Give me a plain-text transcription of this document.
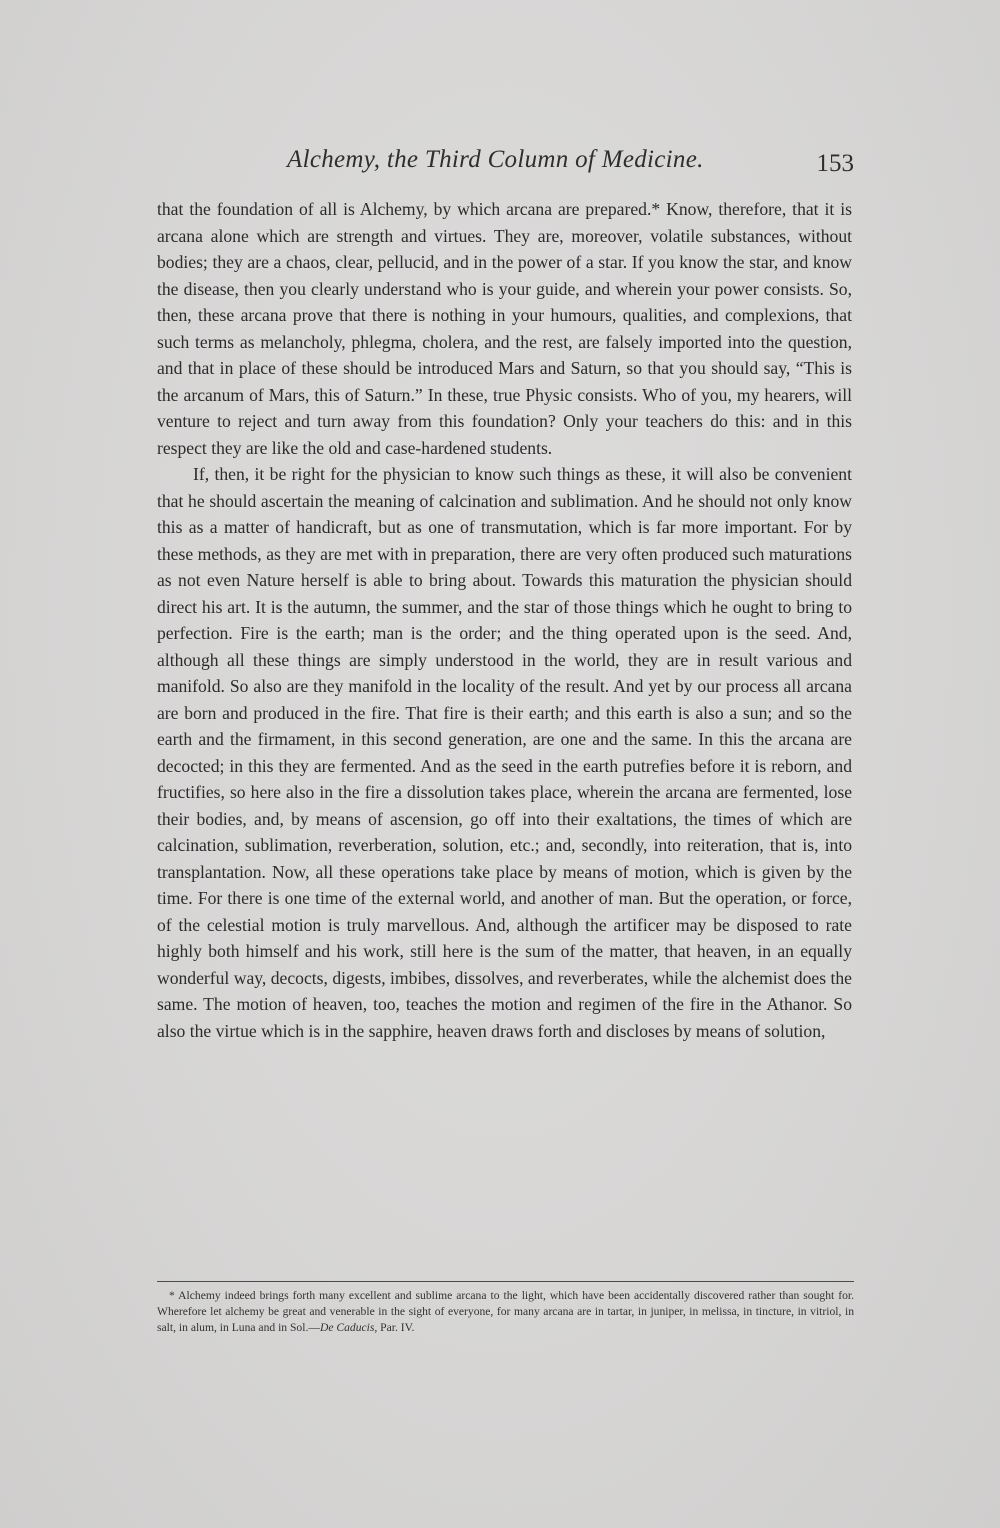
Alchemy, the Third Column of Medicine.	153

that the foundation of all is Alchemy, by which arcana are prepared.* Know, therefore, that it is arcana alone which are strength and virtues. They are, moreover, volatile substances, without bodies; they are a chaos, clear, pellucid, and in the power of a star. If you know the star, and know the disease, then you clearly understand who is your guide, and wherein your power consists. So, then, these arcana prove that there is nothing in your humours, qualities, and complexions, that such terms as melancholy, phlegma, cholera, and the rest, are falsely imported into the question, and that in place of these should be introduced Mars and Saturn, so that you should say, “This is the arcanum of Mars, this of Saturn.” In these, true Physic consists. Who of you, my hearers, will venture to reject and turn away from this foundation? Only your teachers do this: and in this respect they are like the old and case-hardened students.

If, then, it be right for the physician to know such things as these, it will also be convenient that he should ascertain the meaning of calcination and sublimation. And he should not only know this as a matter of handicraft, but as one of transmutation, which is far more important. For by these methods, as they are met with in preparation, there are very often produced such maturations as not even Nature herself is able to bring about. Towards this maturation the physician should direct his art. It is the autumn, the summer, and the star of those things which he ought to bring to perfection. Fire is the earth; man is the order; and the thing operated upon is the seed. And, although all these things are simply understood in the world, they are in result various and manifold. So also are they manifold in the locality of the result. And yet by our process all arcana are born and produced in the fire. That fire is their earth; and this earth is also a sun; and so the earth and the firmament, in this second generation, are one and the same. In this the arcana are decocted; in this they are fermented. And as the seed in the earth putrefies before it is reborn, and fructifies, so here also in the fire a dissolution takes place, wherein the arcana are fermented, lose their bodies, and, by means of ascension, go off into their exaltations, the times of which are calcination, sublimation, reverberation, solution, etc.; and, secondly, into reiteration, that is, into transplantation. Now, all these operations take place by means of motion, which is given by the time. For there is one time of the external world, and another of man. But the operation, or force, of the celestial motion is truly marvellous. And, although the artificer may be disposed to rate highly both himself and his work, still here is the sum of the matter, that heaven, in an equally wonderful way, decocts, digests, imbibes, dissolves, and reverberates, while the alchemist does the same. The motion of heaven, too, teaches the motion and regimen of the fire in the Athanor. So also the virtue which is in the sapphire, heaven draws forth and discloses by means of solution,

* Alchemy indeed brings forth many excellent and sublime arcana to the light, which have been accidentally discovered rather than sought for. Wherefore let alchemy be great and venerable in the sight of everyone, for many arcana are in tartar, in juniper, in melissa, in tincture, in vitriol, in salt, in alum, in Luna and in Sol.—De Caducis, Par. IV.
